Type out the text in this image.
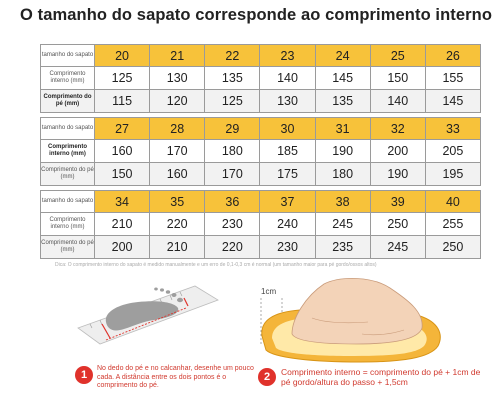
O tamanho do sapato corresponde ao comprimento interno
tamanho do sapato	20	21	22	23	24	25	26
Comprimento interno (mm)	125	130	135	140	145	150	155
Comprimento do pé (mm)	115	120	125	130	135	140	145
tamanho do sapato	27	28	29	30	31	32	33
Comprimento interno (mm)	160	170	180	185	190	200	205
Comprimento do pé (mm)	150	160	170	175	180	190	195
tamanho do sapato	34	35	36	37	38	39	40
Comprimento interno (mm)	210	220	230	240	245	250	255
Comprimento do pé (mm)	200	210	220	230	235	245	250
Dica: O comprimento interno do sapato é medido manualmente e um erro de 0,1-0,3 cm é normal (um tamanho maior para pé gordo/ossos altos)
1cm
1
No dedo do pé e no calcanhar, desenhe um pouco cada. A distância entre os dois pontos é o comprimento do pé.
2	Comprimento interno = comprimento do pé + 1cm de pé gordo/altura do passo + 1,5cm
